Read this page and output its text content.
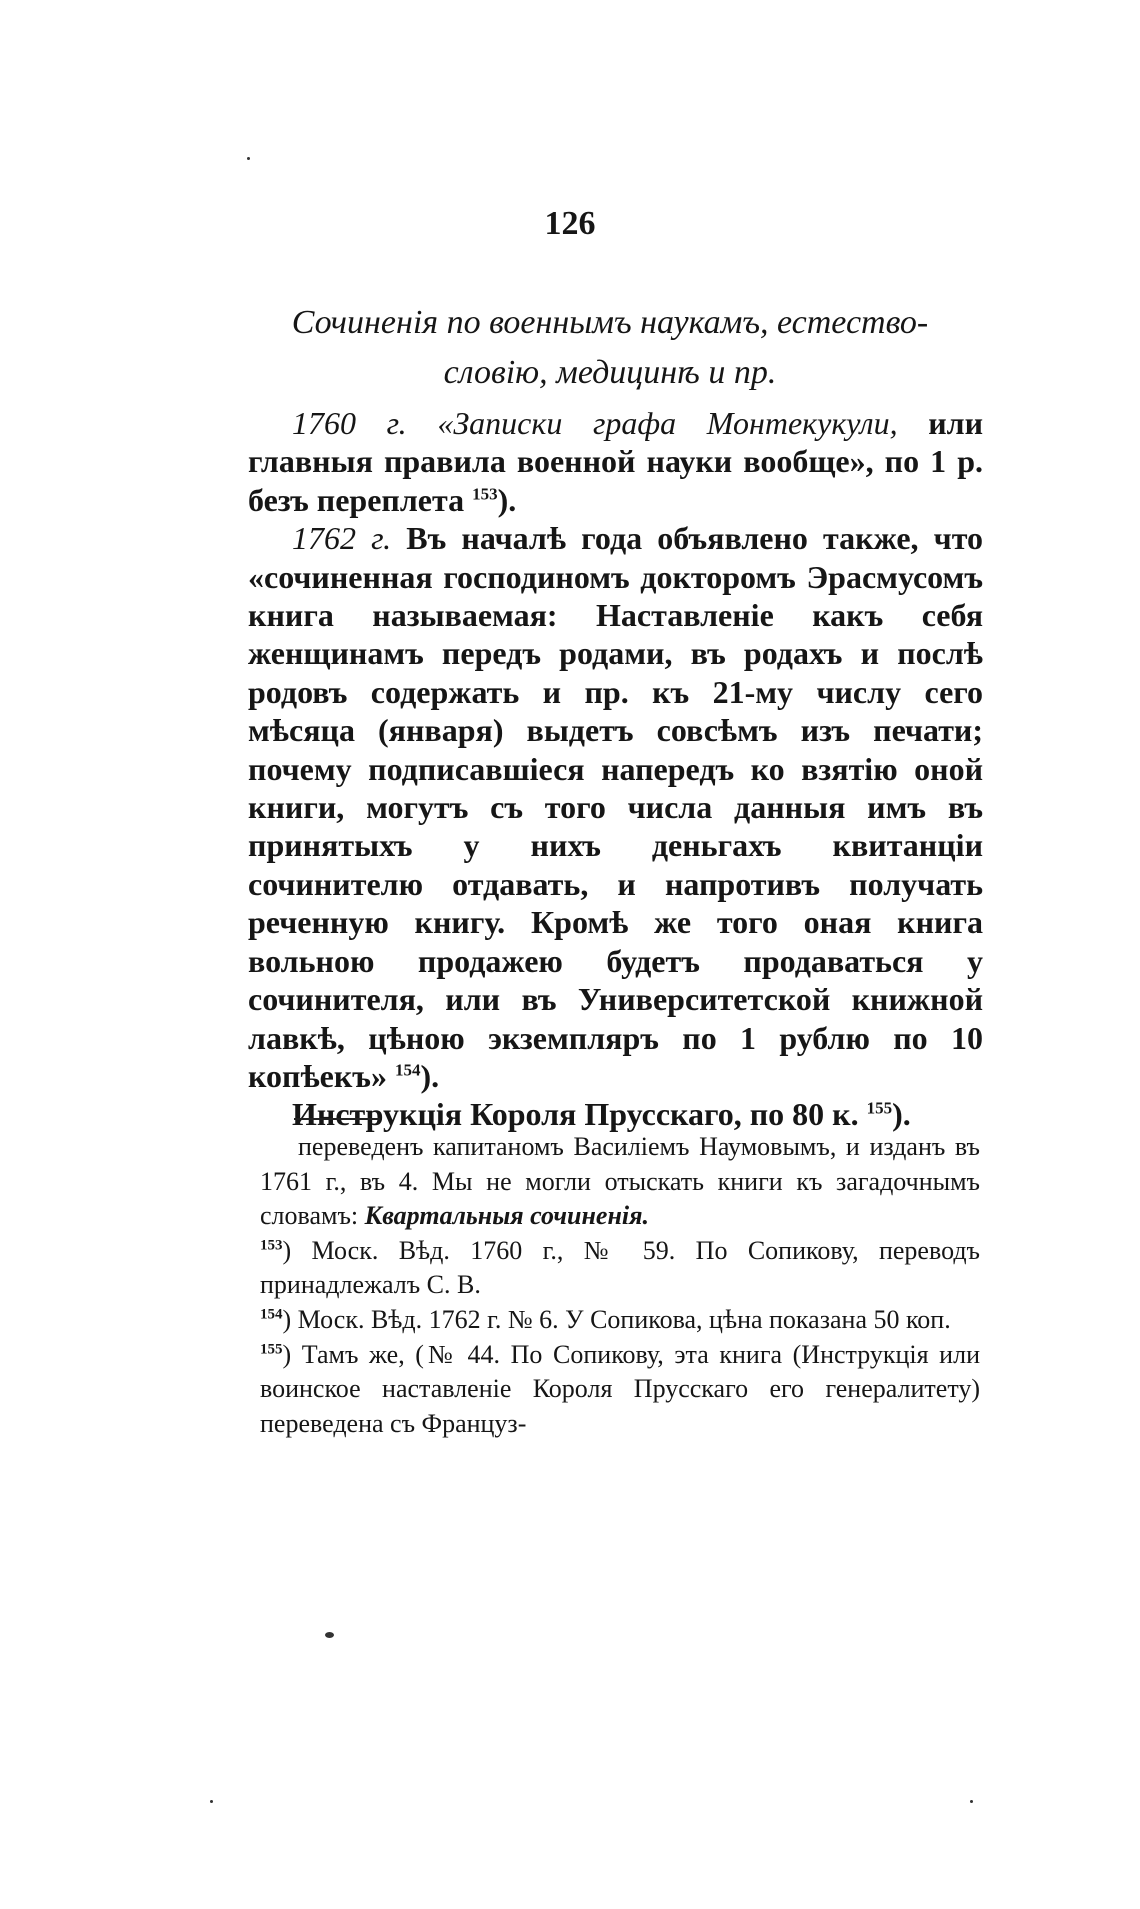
126
Сочиненія по военнымъ наукамъ, естество-
словію, медицинѣ и пр.

1760 г. «Записки графа Монтекукули, или главныя правила военной науки вообще», по 1 р. безъ переплета $^{153}$).

1762 г. Въ началѣ года объявлено также, что «сочиненная господиномъ докторомъ Эрасмусомъ книга называемая: Наставленіе какъ себя женщинамъ передъ родами, въ родахъ и послѣ родовъ содержать и пр. къ 21-му числу сего мѣсяца (января) выдетъ совсѣмъ изъ печати; почему подписавшіеся напередъ ко взятію оной книги, могутъ съ того числа данныя имъ въ принятыхъ у нихъ деньгахъ квитанціи сочинителю отдавать, и напротивъ получать реченную книгу. Кромѣ же того оная книга вольною продажею будетъ продаваться у сочинителя, или въ Университетской книжной лавкѣ, цѣною экземпляръ по 1 рублю по 10 копѣекъ» $^{154}$).

Инструкція Короля Прусскаго, по 80 к. $^{155}$).

переведенъ капитаномъ Василіемъ Наумовымъ, и изданъ въ 1761 г., въ 4. Мы не могли отыскать книги къ загадочнымъ словамъ: Квартальныя сочиненія.

$^{153}$) Моск. Вѣд. 1760 г., № 59. По Сопикову, переводъ принадлежалъ С. В.

$^{154}$) Моск. Вѣд. 1762 г. № 6. У Сопикова, цѣна показана 50 коп.

$^{155}$) Тамъ же, (№ 44. По Сопикову, эта книга (Инструкція или воинское наставленіе Короля Прусскаго его генералитету) переведена съ Француз-
